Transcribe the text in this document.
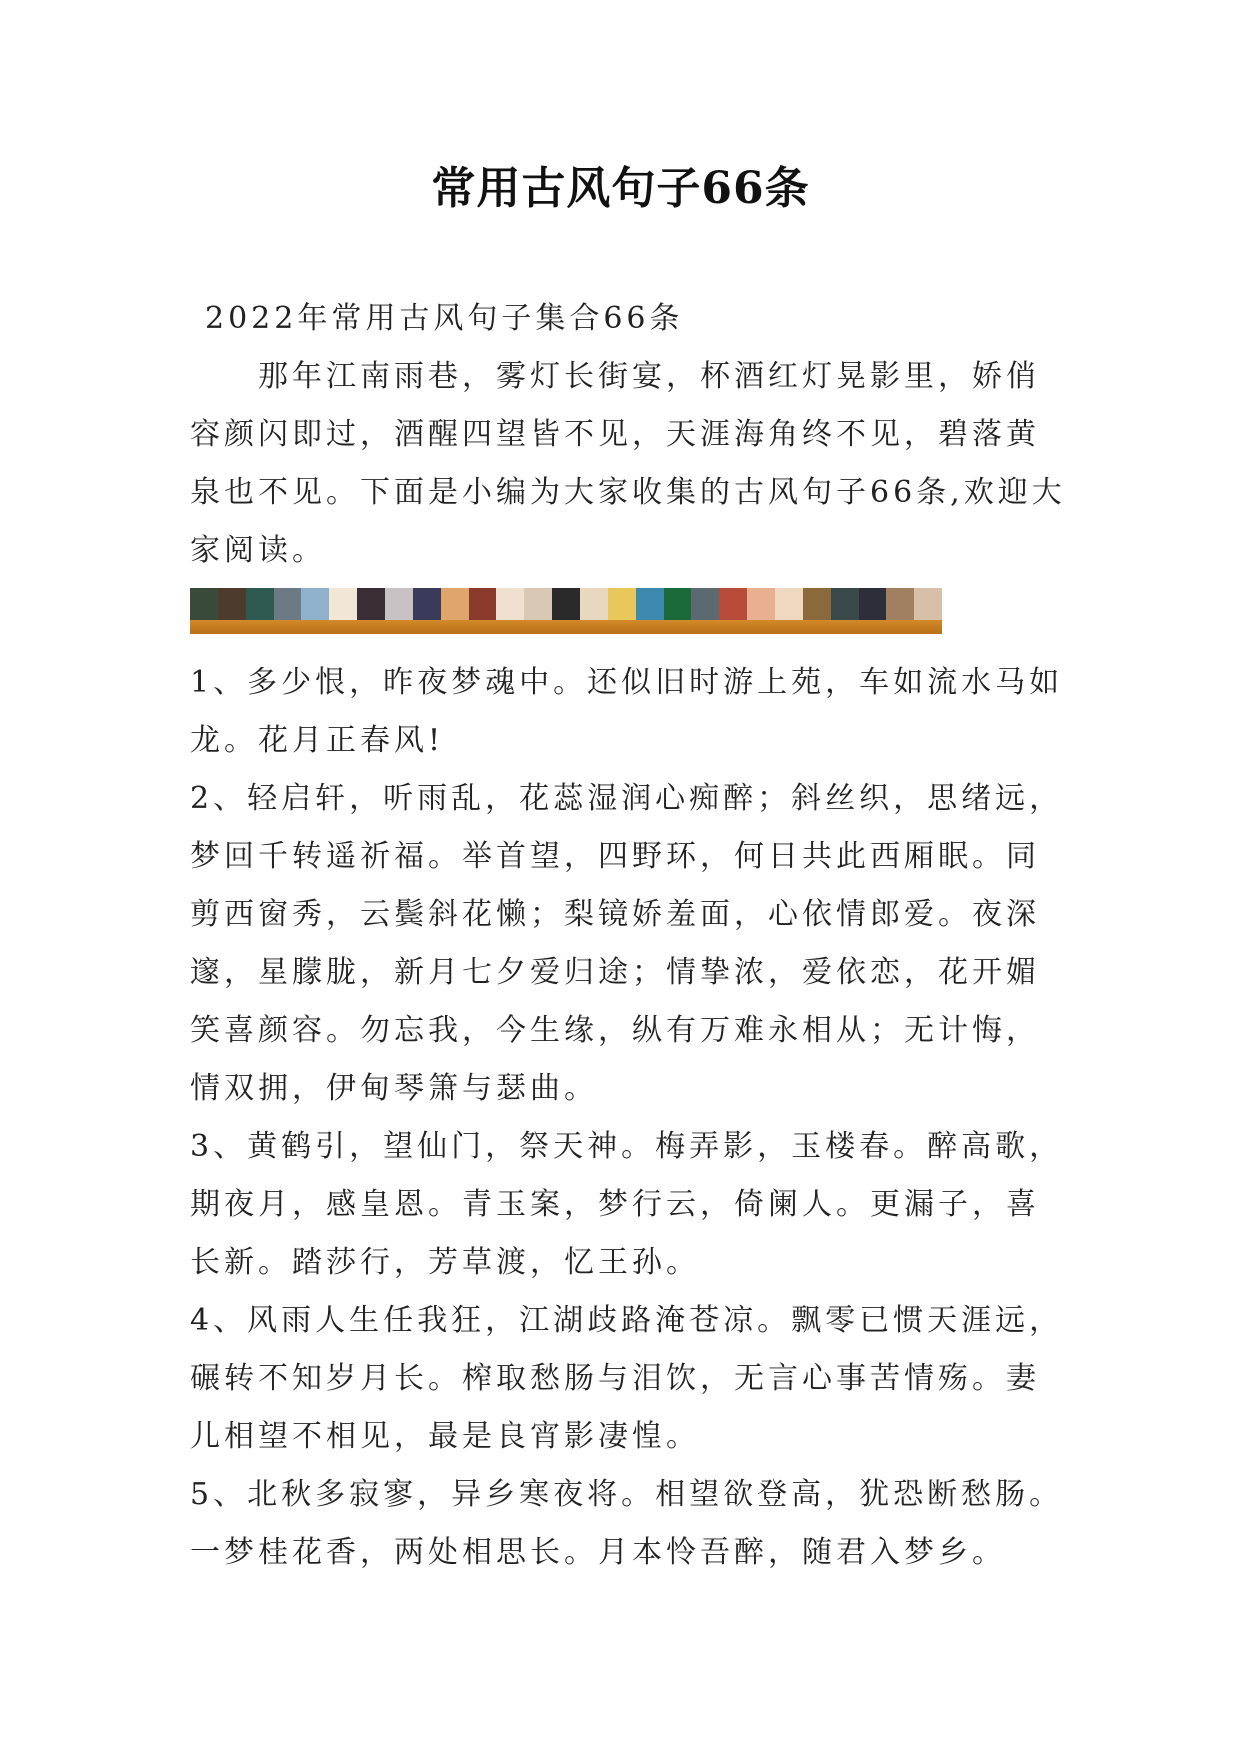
常用古风句子66条

2022年常用古风句子集合66条

那年江南雨巷，雾灯长街宴，杯酒红灯晃影里，娇俏容颜闪即过，酒醒四望皆不见，天涯海角终不见，碧落黄泉也不见。下面是小编为大家收集的古风句子66条,欢迎大家阅读。

1、多少恨，昨夜梦魂中。还似旧时游上苑，车如流水马如龙。花月正春风!

2、轻启轩，听雨乱，花蕊湿润心痴醉；斜丝织，思绪远，梦回千转遥祈福。举首望，四野环，何日共此西厢眠。同剪西窗秀，云鬓斜花懒；梨镜娇羞面，心依情郎爱。夜深邃，星朦胧，新月七夕爱归途；情挚浓，爱依恋，花开媚笑喜颜容。勿忘我，今生缘，纵有万难永相从；无计悔，情双拥，伊甸琴箫与瑟曲。

3、黄鹤引，望仙门，祭天神。梅弄影，玉楼春。醉高歌，期夜月，感皇恩。青玉案，梦行云，倚阑人。更漏子，喜长新。踏莎行，芳草渡，忆王孙。

4、风雨人生任我狂，江湖歧路淹苍凉。飘零已惯天涯远，碾转不知岁月长。榨取愁肠与泪饮，无言心事苦情殇。妻儿相望不相见，最是良宵影凄惶。

5、北秋多寂寥，异乡寒夜将。相望欲登高，犹恐断愁肠。一梦桂花香，两处相思长。月本怜吾醉，随君入梦乡。
